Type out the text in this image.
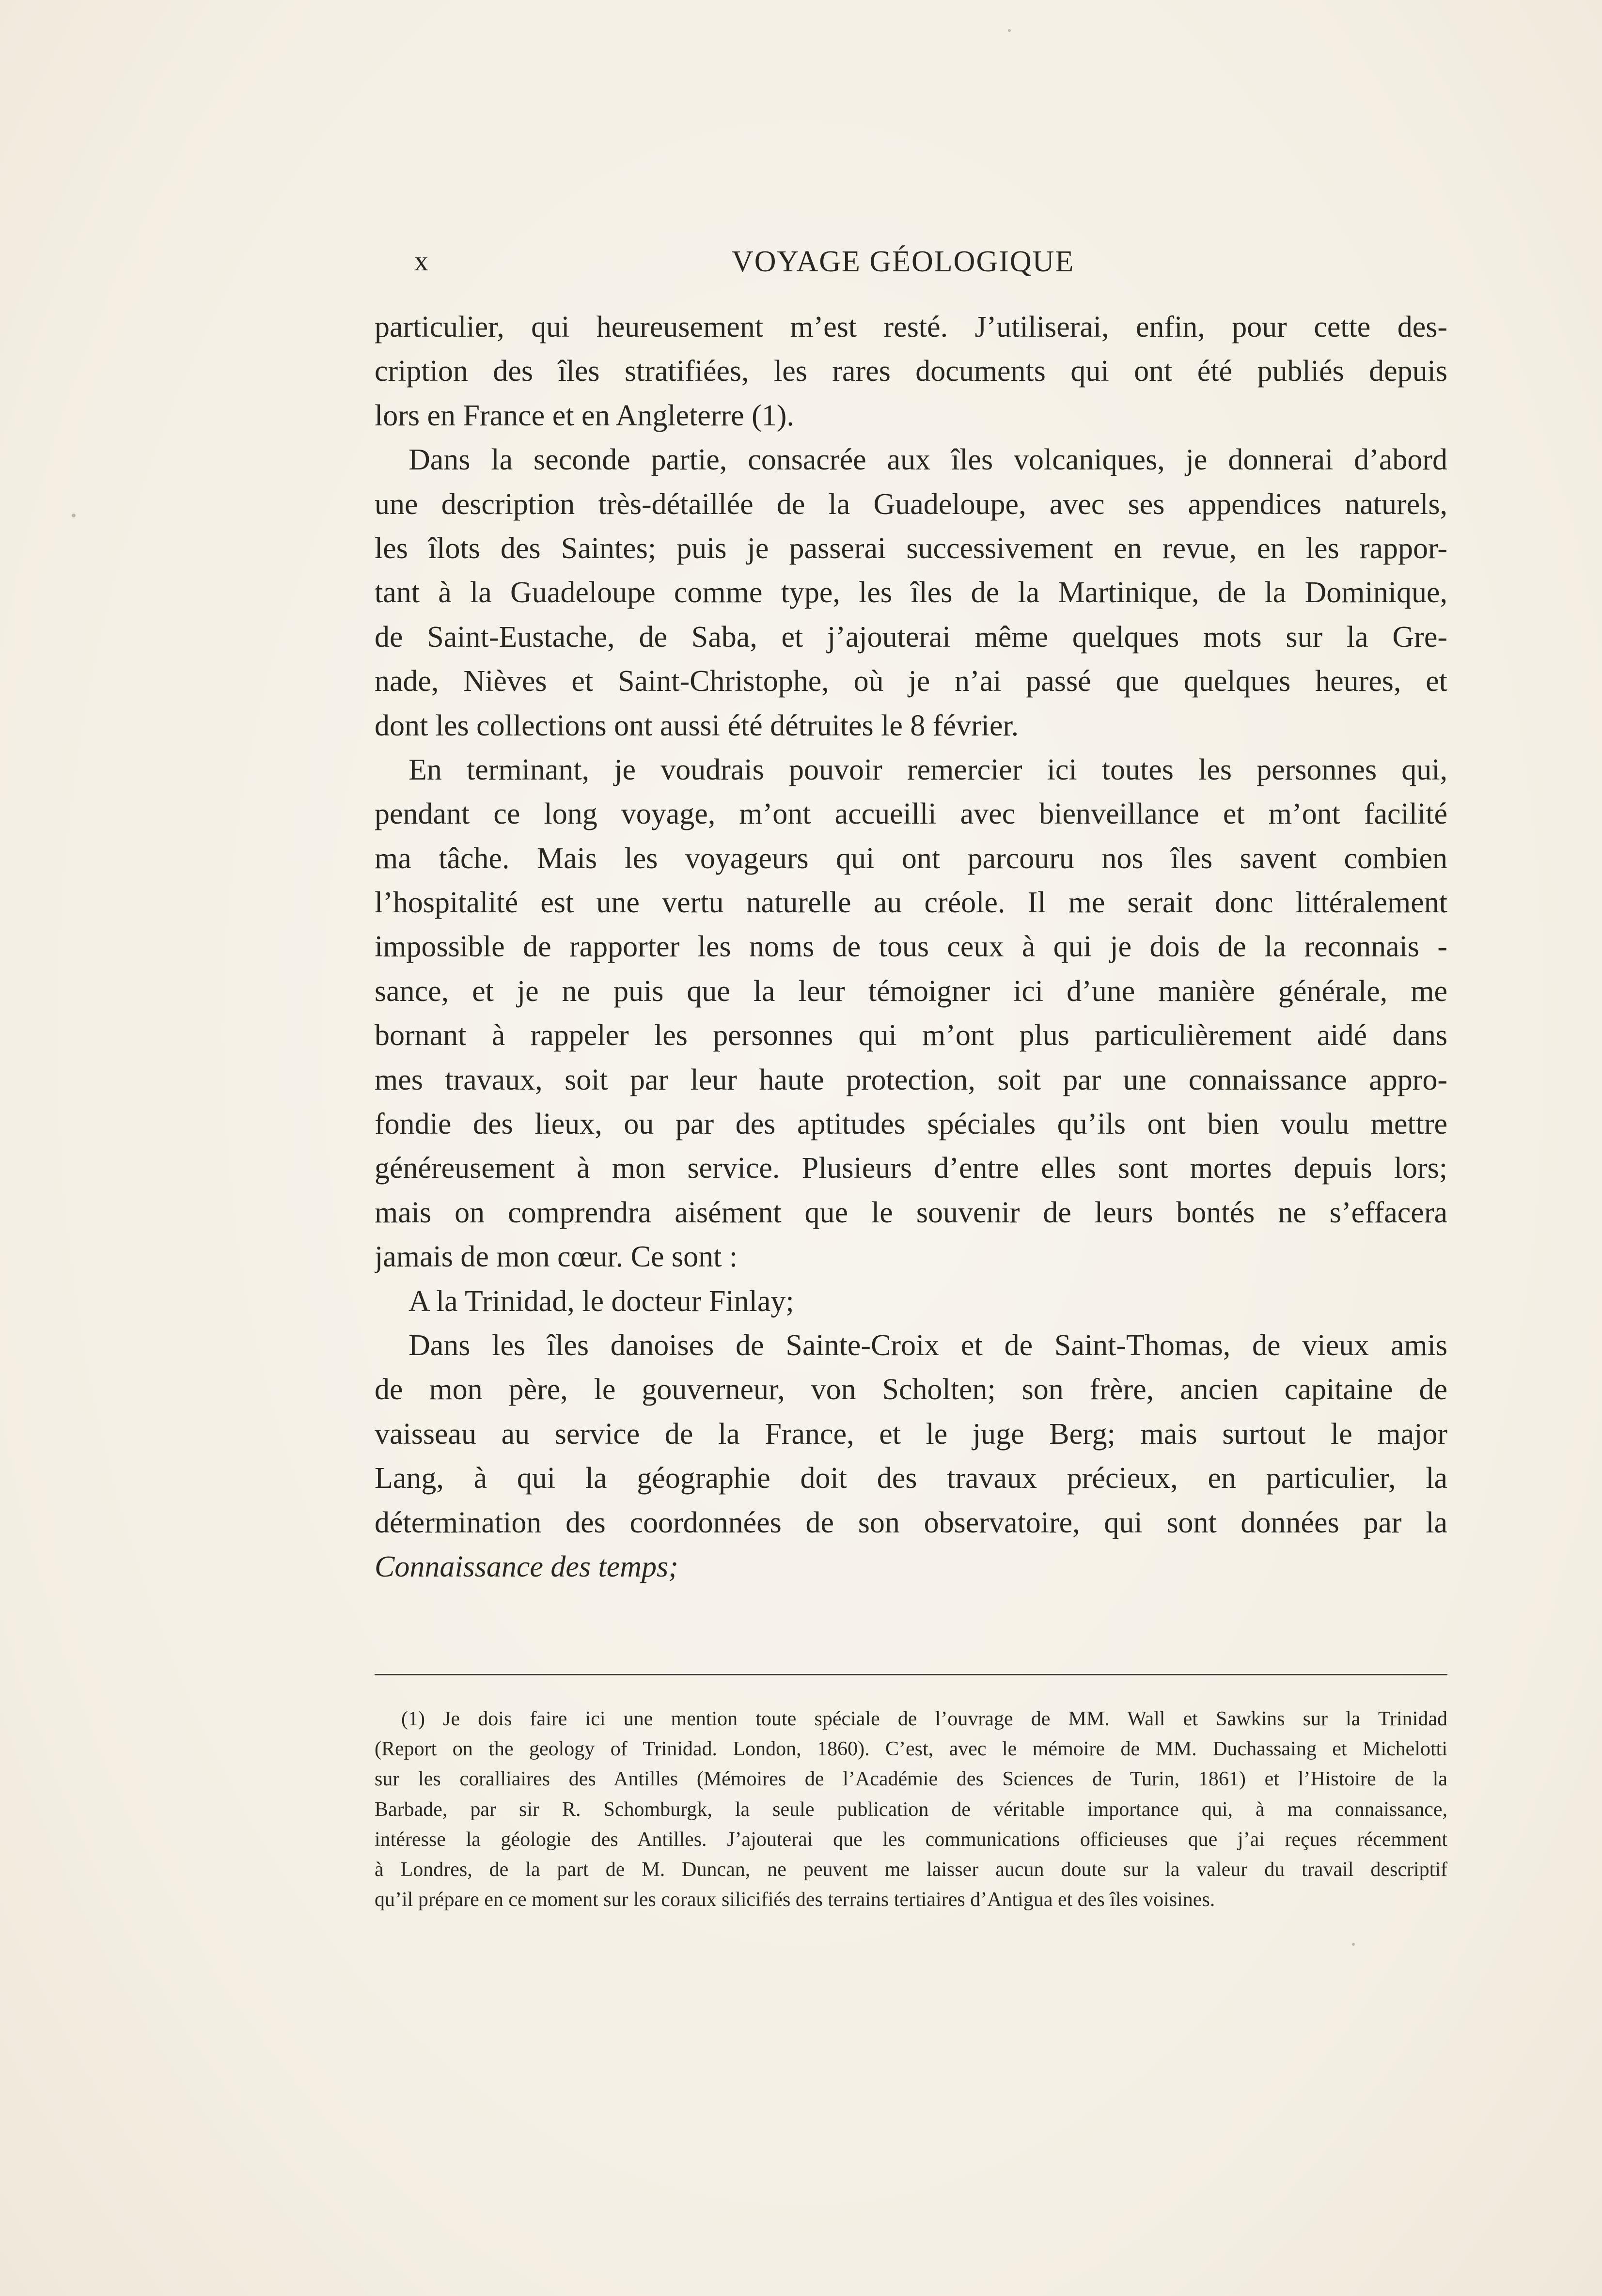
x	VOYAGE GÉOLOGIQUE
particulier, qui heureusement m’est resté. J’utiliserai, enfin, pour cette des-
cription des îles stratifiées, les rares documents qui ont été publiés depuis
lors en France et en Angleterre (1).
Dans la seconde partie, consacrée aux îles volcaniques, je donnerai d’abord
une description très-détaillée de la Guadeloupe, avec ses appendices naturels,
les îlots des Saintes; puis je passerai successivement en revue, en les rappor-
tant à la Guadeloupe comme type, les îles de la Martinique, de la Dominique,
de Saint-Eustache, de Saba, et j’ajouterai même quelques mots sur la Gre-
nade, Nièves et Saint-Christophe, où je n’ai passé que quelques heures, et
dont les collections ont aussi été détruites le 8 février.
En terminant, je voudrais pouvoir remercier ici toutes les personnes qui,
pendant ce long voyage, m’ont accueilli avec bienveillance et m’ont facilité
ma tâche. Mais les voyageurs qui ont parcouru nos îles savent combien
l’hospitalité est une vertu naturelle au créole. Il me serait donc littéralement
impossible de rapporter les noms de tous ceux à qui je dois de la reconnais -
sance, et je ne puis que la leur témoigner ici d’une manière générale, me
bornant à rappeler les personnes qui m’ont plus particulièrement aidé dans
mes travaux, soit par leur haute protection, soit par une connaissance appro-
fondie des lieux, ou par des aptitudes spéciales qu’ils ont bien voulu mettre
généreusement à mon service. Plusieurs d’entre elles sont mortes depuis lors;
mais on comprendra aisément que le souvenir de leurs bontés ne s’effacera
jamais de mon cœur. Ce sont :
A la Trinidad, le docteur Finlay;
Dans les îles danoises de Sainte-Croix et de Saint-Thomas, de vieux amis
de mon père, le gouverneur, von Scholten; son frère, ancien capitaine de
vaisseau au service de la France, et le juge Berg; mais surtout le major
Lang, à qui la géographie doit des travaux précieux, en particulier, la
détermination des coordonnées de son observatoire, qui sont données par la
Connaissance des temps;
(1) Je dois faire ici une mention toute spéciale de l’ouvrage de MM. Wall et Sawkins sur la Trinidad
(Report on the geology of Trinidad. London, 1860). C’est, avec le mémoire de MM. Duchassaing et Michelotti
sur les coralliaires des Antilles (Mémoires de l’Académie des Sciences de Turin, 1861) et l’Histoire de la
Barbade, par sir R. Schomburgk, la seule publication de véritable importance qui, à ma connaissance,
intéresse la géologie des Antilles. J’ajouterai que les communications officieuses que j’ai reçues récemment
à Londres, de la part de M. Duncan, ne peuvent me laisser aucun doute sur la valeur du travail descriptif
qu’il prépare en ce moment sur les coraux silicifiés des terrains tertiaires d’Antigua et des îles voisines.
